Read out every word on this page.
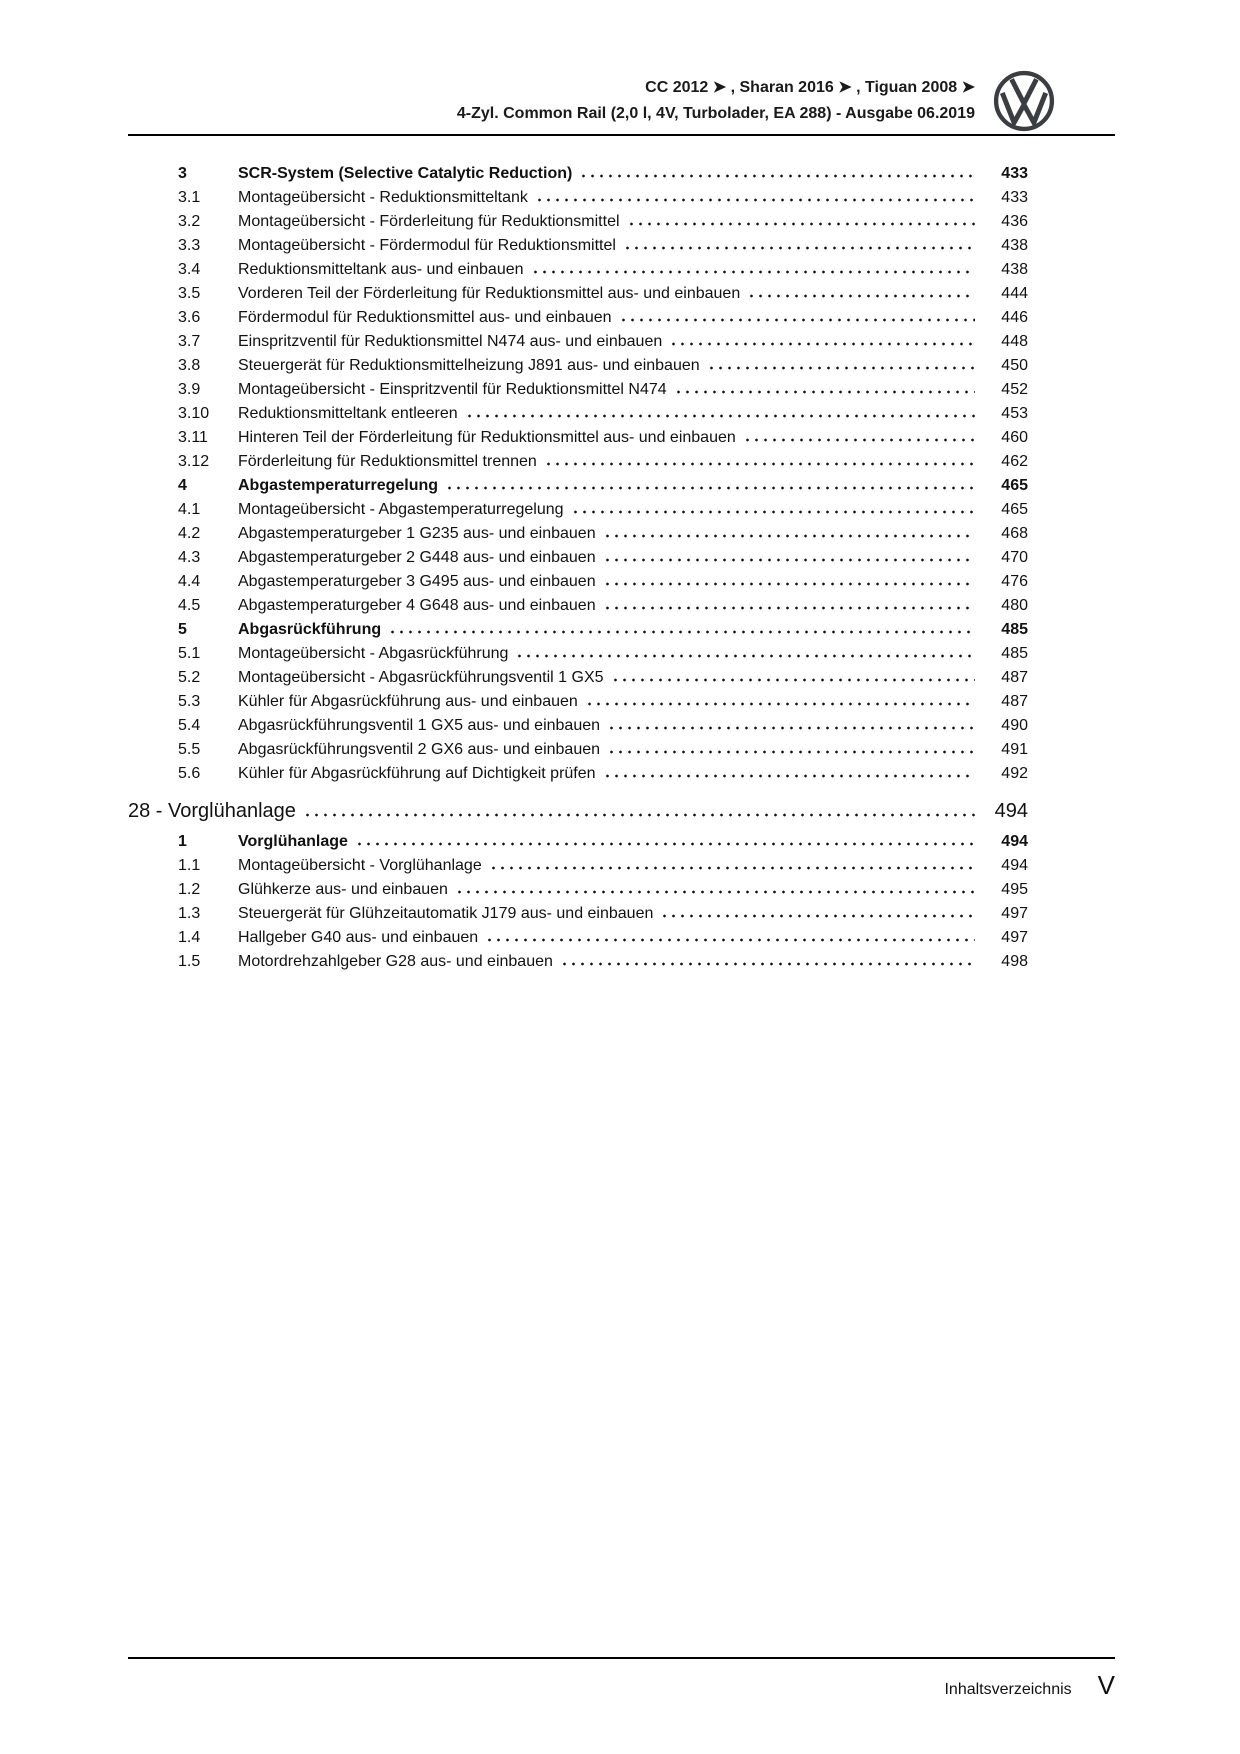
CC 2012 ➤ , Sharan 2016 ➤ , Tiguan 2008 ➤
4-Zyl. Common Rail (2,0 l, 4V, Turbolader, EA 288) - Ausgabe 06.2019
3	SCR-System (Selective Catalytic Reduction)	433
3.1	Montageübersicht - Reduktionsmitteltank	433
3.2	Montageübersicht - Förderleitung für Reduktionsmittel	436
3.3	Montageübersicht - Fördermodul für Reduktionsmittel	438
3.4	Reduktionsmitteltank aus- und einbauen	438
3.5	Vorderen Teil der Förderleitung für Reduktionsmittel aus- und einbauen	444
3.6	Fördermodul für Reduktionsmittel aus- und einbauen	446
3.7	Einspritzventil für Reduktionsmittel N474 aus- und einbauen	448
3.8	Steuergerät für Reduktionsmittelheizung J891 aus- und einbauen	450
3.9	Montageübersicht - Einspritzventil für Reduktionsmittel N474	452
3.10	Reduktionsmitteltank entleeren	453
3.11	Hinteren Teil der Förderleitung für Reduktionsmittel aus- und einbauen	460
3.12	Förderleitung für Reduktionsmittel trennen	462
4	Abgastemperaturregelung	465
4.1	Montageübersicht - Abgastemperaturregelung	465
4.2	Abgastemperaturgeber 1 G235 aus- und einbauen	468
4.3	Abgastemperaturgeber 2 G448 aus- und einbauen	470
4.4	Abgastemperaturgeber 3 G495 aus- und einbauen	476
4.5	Abgastemperaturgeber 4 G648 aus- und einbauen	480
5	Abgasrückführung	485
5.1	Montageübersicht - Abgasrückführung	485
5.2	Montageübersicht - Abgasrückführungsventil 1 GX5	487
5.3	Kühler für Abgasrückführung aus- und einbauen	487
5.4	Abgasrückführungsventil 1 GX5 aus- und einbauen	490
5.5	Abgasrückführungsventil 2 GX6 aus- und einbauen	491
5.6	Kühler für Abgasrückführung auf Dichtigkeit prüfen	492
28 - Vorglühanlage	494
1	Vorglühanlage	494
1.1	Montageübersicht - Vorglühanlage	494
1.2	Glühkerze aus- und einbauen	495
1.3	Steuergerät für Glühzeitautomatik J179 aus- und einbauen	497
1.4	Hallgeber G40 aus- und einbauen	497
1.5	Motordrehzahlgeber G28 aus- und einbauen	498
Inhaltsverzeichnis V
